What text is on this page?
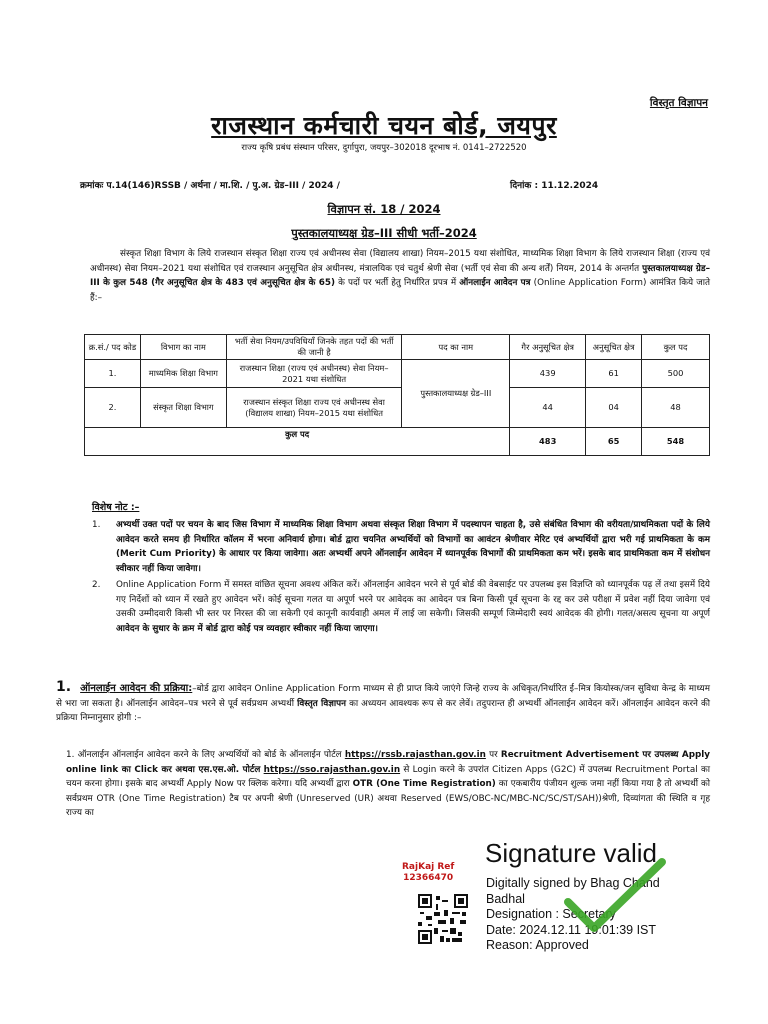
विस्तृत विज्ञापन
राजस्थान कर्मचारी चयन बोर्ड, जयपुर
राज्य कृषि प्रबंध संस्थान परिसर, दुर्गापुरा, जयपुर–302018 दूरभाष नं. 0141–2722520
क्रमांकः प.14(146)RSSB / अर्थना / मा.शि. / पु.अ. ग्रेड–III / 2024 /	दिनांक : 11.12.2024
विज्ञापन सं. 18 / 2024
पुस्तकालयाध्यक्ष ग्रेड–III सीधी भर्ती–2024
संस्कृत शिक्षा विभाग के लिये राजस्थान संस्कृत शिक्षा राज्य एवं अधीनस्थ सेवा (विद्यालय शाखा) नियम–2015 यथा संशोधित, माध्यमिक शिक्षा विभाग के लिये राजस्थान शिक्षा (राज्य एवं अधीनस्थ) सेवा नियम–2021 यथा संशोधित एवं राजस्थान अनुसूचित क्षेत्र अधीनस्थ, मंत्रालयिक एवं चतुर्थ श्रेणी सेवा (भर्ती एवं सेवा की अन्य शर्तें) नियम, 2014 के अन्तर्गत पुस्तकालयाध्यक्ष ग्रेड–III के कुल 548 (गैर अनुसूचित क्षेत्र के 483 एवं अनुसूचित क्षेत्र के 65) के पदों पर भर्ती हेतु निर्धारित प्रपत्र में ऑनलाईन आवेदन पत्र (Online Application Form) आमंत्रित किये जाते हैं:–
क्र.सं./ पद कोड	विभाग का नाम	भर्ती सेवा नियम/उपविधियाँ जिनके तहत पदों की भर्ती की जानी है	पद का नाम	गैर अनुसूचित क्षेत्र	अनुसूचित क्षेत्र	कुल पद
1.	माध्यमिक शिक्षा विभाग	राजस्थान शिक्षा (राज्य एवं अधीनस्थ) सेवा नियम–2021 यथा संशोधित	पुस्तकालयाध्यक्ष ग्रेड–III	439	61	500
2.	संस्कृत शिक्षा विभाग	राजस्थान संस्कृत शिक्षा राज्य एवं अधीनस्थ सेवा (विद्यालय शाखा) नियम–2015 यथा संशोधित		44	04	48
कुल पद				483	65	548
विशेष नोट :–
1. अभ्यर्थी उक्त पदों पर चयन के बाद जिस विभाग में माध्यमिक शिक्षा विभाग अथवा संस्कृत शिक्षा विभाग में पदस्थापन चाहता है, उसे संबंधित विभाग की वरीयता/प्राथमिकता पदों के लिये आवेदन करते समय ही निर्धारित कॉलम में भरना अनिवार्य होगा। बोर्ड द्वारा चयनित अभ्यर्थियों को विभागों का आवंटन श्रेणीवार मेरिट एवं अभ्यर्थियों द्वारा भरी गई प्राथमिकता के कम (Merit Cum Priority) के आधार पर किया जावेगा। अतः अभ्यर्थी अपने ऑनलाईन आवेदन में ध्यानपूर्वक विभागों की प्राथमिकता कम भरें। इसके बाद प्राथमिकता कम में संशोधन स्वीकार नहीं किया जावेगा।
2. Online Application Form में समस्त वांछित सूचना अवश्य अंकित करें। ऑनलाईन आवेदन भरने से पूर्व बोर्ड की वेबसाईट पर उपलब्ध इस विज्ञप्ति को ध्यानपूर्वक पढ़ लें तथा इसमें दिये गए निर्देशों को ध्यान में रखते हुए आवेदन भरें। कोई सूचना गलत या अपूर्ण भरने पर आवेदक का आवेदन पत्र बिना किसी पूर्व सूचना के रद्द कर उसे परीक्षा में प्रवेश नहीं दिया जावेगा एवं उसकी उम्मीदवारी किसी भी स्तर पर निरस्त की जा सकेगी एवं कानूनी कार्यवाही अमल में लाई जा सकेगी। जिसकी सम्पूर्ण जिम्मेदारी स्वयं आवेदक की होगी। गलत/असत्य सूचना या अपूर्ण आवेदन के सुधार के क्रम में बोर्ड द्वारा कोई पत्र व्यवहार स्वीकार नहीं किया जाएगा।
1. ऑनलाईन आवेदन की प्रक्रिया:–बोर्ड द्वारा आवेदन Online Application Form माध्यम से ही प्राप्त किये जाएंगे जिन्हे राज्य के अधिकृत/निर्धारित ई–मित्र कियोस्क/जन सुविधा केन्द्र के माध्यम से भरा जा सकता है। ऑनलाईन आवेदन–पत्र भरने से पूर्व सर्वप्रथम अभ्यर्थी विस्तृत विज्ञापन का अध्ययन आवश्यक रूप से कर लेवें। तदुपरान्त ही अभ्यर्थी ऑनलाईन आवेदन करें। ऑनलाईन आवेदन करने की प्रक्रिया निम्नानुसार होगी :–
1. ऑनलाईन ऑनलाईन आवेदन करने के लिए अभ्यर्थियों को बोर्ड के ऑनलाईन पोर्टल https://rssb.rajasthan.gov.in पर Recruitment Advertisement पर उपलब्ध Apply online link का Click कर अथवा एस.एस.ओ. पोर्टल https://sso.rajasthan.gov.in से Login करने के उपरांत Citizen Apps (G2C) में उपलब्ध Recruitment Portal का चयन करना होगा। इसके बाद अभ्यर्थी Apply Now पर क्लिक करेगा। यदि अभ्यर्थी द्वारा OTR (One Time Registration) का एकबारीय पंजीयन शुल्क जमा नहीं किया गया है तो अभ्यर्थी को सर्वप्रथम OTR (One Time Registration) टैब पर अपनी श्रेणी (Unreserved (UR) अथवा Reserved (EWS/OBC-NC/MBC-NC/SC/ST/SAH))श्रेणी, दिव्यांगता की स्थिति व गृह राज्य का
RajKaj Ref
12366470
Signature valid
Digitally signed by Bhag Chand
Badhal
Designation : Secretary
Date: 2024.12.11 19:01:39 IST
Reason: Approved
